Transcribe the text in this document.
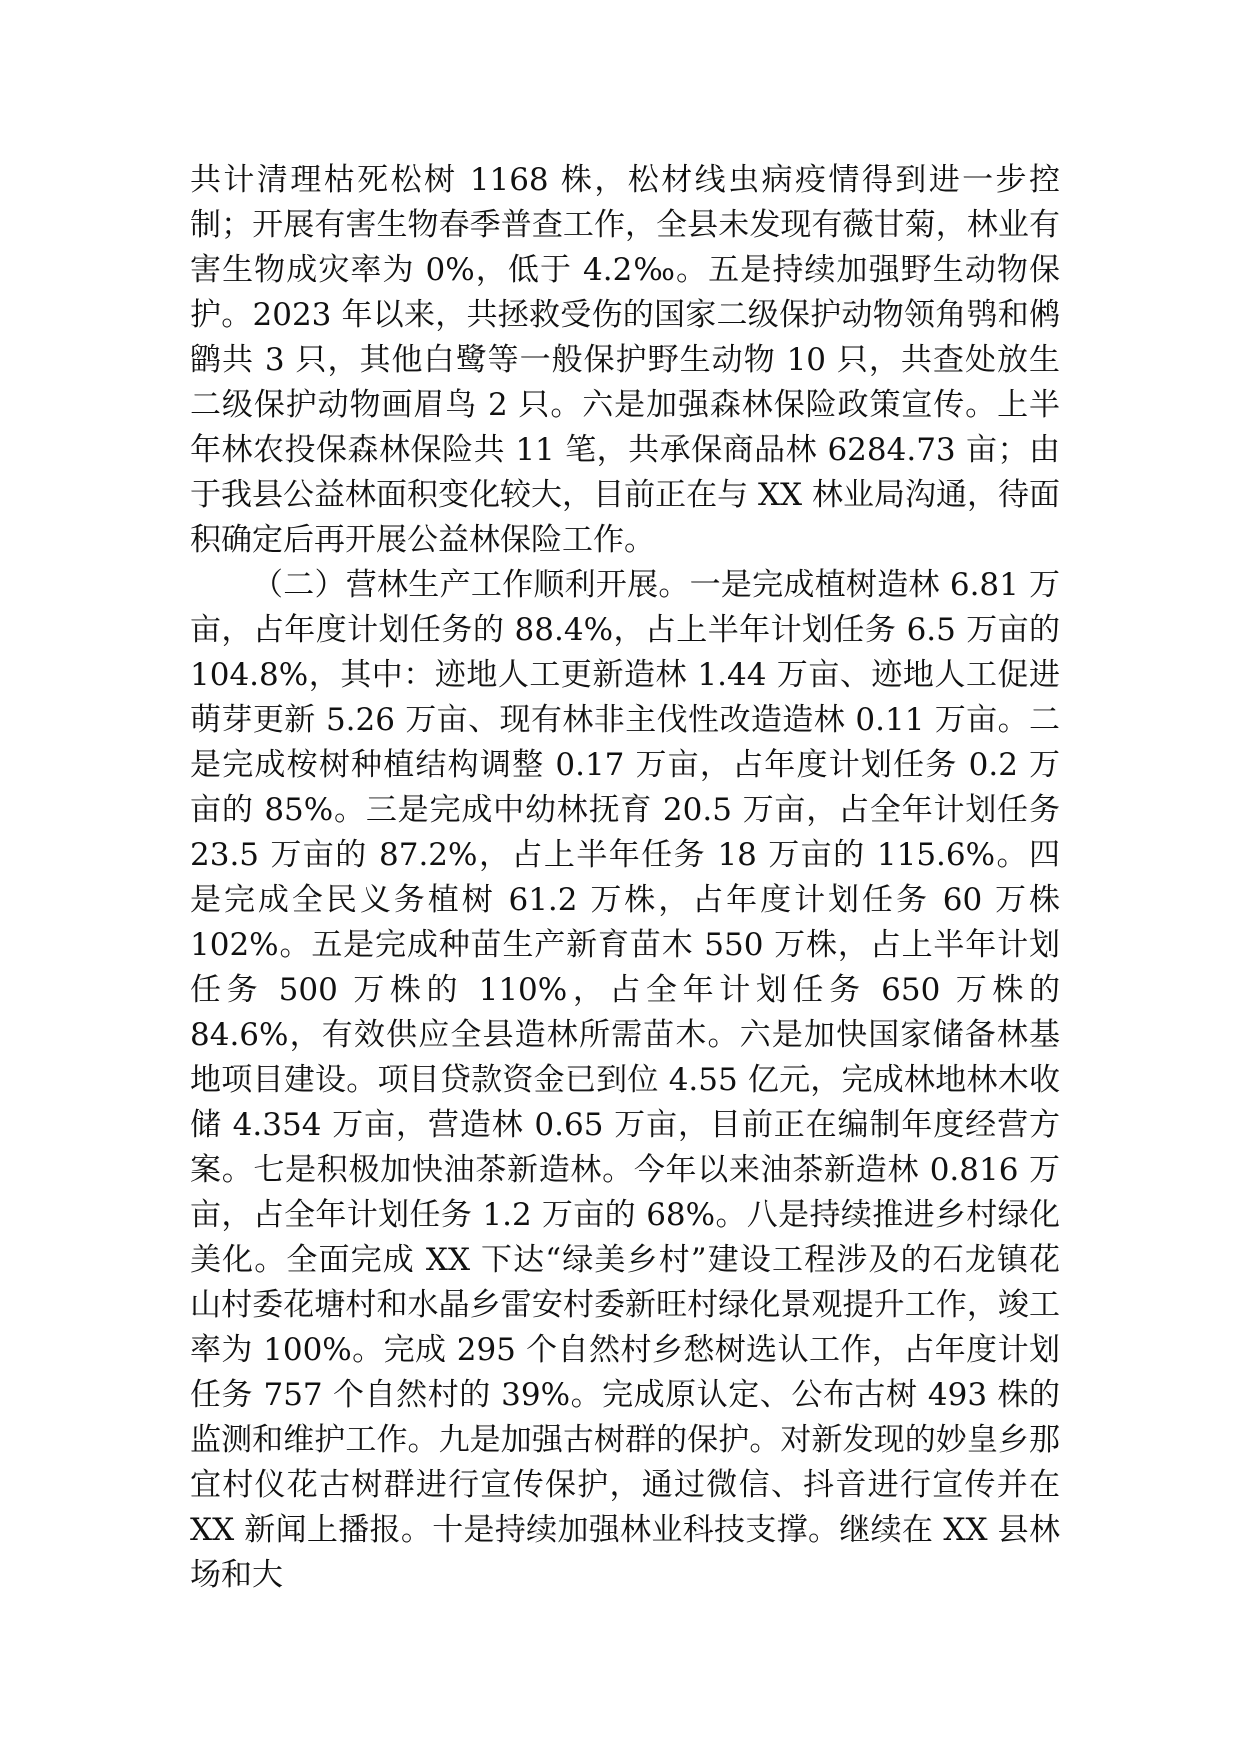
共计清理枯死松树 1168 株，松材线虫病疫情得到进一步控制；开展有害生物春季普查工作，全县未发现有薇甘菊，林业有害生物成灾率为 0%，低于 4.2‰。五是持续加强野生动物保护。2023 年以来，共拯救受伤的国家二级保护动物领角鸮和鸺鹠共 3 只，其他白鹭等一般保护野生动物 10 只，共查处放生二级保护动物画眉鸟 2 只。六是加强森林保险政策宣传。上半年林农投保森林保险共 11 笔，共承保商品林 6284.73 亩；由于我县公益林面积变化较大，目前正在与 XX 林业局沟通，待面积确定后再开展公益林保险工作。

（二）营林生产工作顺利开展。一是完成植树造林 6.81 万亩，占年度计划任务的 88.4%，占上半年计划任务 6.5 万亩的 104.8%，其中：迹地人工更新造林 1.44 万亩、迹地人工促进萌芽更新 5.26 万亩、现有林非主伐性改造造林 0.11 万亩。二是完成桉树种植结构调整 0.17 万亩，占年度计划任务 0.2 万亩的 85%。三是完成中幼林抚育 20.5 万亩，占全年计划任务 23.5 万亩的 87.2%，占上半年任务 18 万亩的 115.6%。四是完成全民义务植树 61.2 万株，占年度计划任务 60 万株 102%。五是完成种苗生产新育苗木 550 万株，占上半年计划任务 500 万株的 110%，占全年计划任务 650 万株的 84.6%，有效供应全县造林所需苗木。六是加快国家储备林基地项目建设。项目贷款资金已到位 4.55 亿元，完成林地林木收储 4.354 万亩，营造林 0.65 万亩，目前正在编制年度经营方案。七是积极加快油茶新造林。今年以来油茶新造林 0.816 万亩，占全年计划任务 1.2 万亩的 68%。八是持续推进乡村绿化美化。全面完成 XX 下达“绿美乡村”建设工程涉及的石龙镇花山村委花塘村和水晶乡雷安村委新旺村绿化景观提升工作，竣工率为 100%。完成 295 个自然村乡愁树选认工作，占年度计划任务 757 个自然村的 39%。完成原认定、公布古树 493 株的监测和维护工作。九是加强古树群的保护。对新发现的妙皇乡那宜村仪花古树群进行宣传保护，通过微信、抖音进行宣传并在 XX 新闻上播报。十是持续加强林业科技支撑。继续在 XX 县林场和大
